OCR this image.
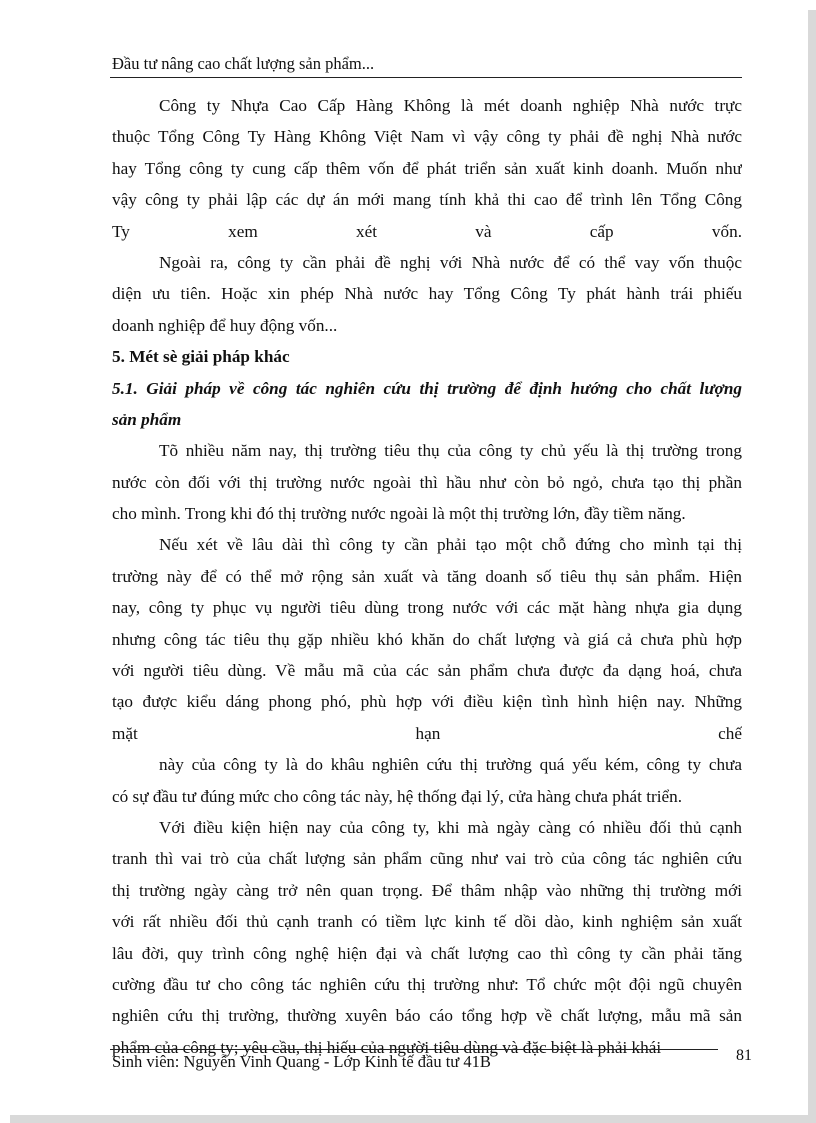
Đầu tư nâng cao chất lượng sản phẩm...
Công ty Nhựa Cao Cấp Hàng Không là mét doanh nghiệp Nhà nước trực
thuộc Tổng Công Ty Hàng Không Việt Nam vì vậy công ty phải đề nghị Nhà nước
hay Tổng công ty cung cấp thêm vốn để phát triển sản xuất kinh doanh. Muốn như
vậy công ty phải lập các dự án mới mang tính khả thi cao để trình lên Tổng Công
Ty xem xét và cấp vốn.
Ngoài ra, công ty cần phải đề nghị với Nhà nước để có thể vay vốn thuộc
diện ưu tiên. Hoặc xin phép Nhà nước hay Tổng Công Ty phát hành trái phiếu
doanh nghiệp để huy động vốn...
5. Mét sè giải pháp khác
5.1. Giải pháp về công tác nghiên cứu thị trường để định hướng cho chất lượng
sản phẩm
Tõ nhiều năm nay, thị trường tiêu thụ của công ty chủ yếu là thị trường trong
nước còn đối với thị trường nước ngoài thì hầu như còn bỏ ngỏ, chưa tạo thị phần
cho mình. Trong khi đó thị trường nước ngoài là một thị trường lớn, đầy tiềm năng.
Nếu xét về lâu dài thì công ty cần phải tạo một chỗ đứng cho mình tại thị
trường này để có thể mở rộng sản xuất và tăng doanh số tiêu thụ sản phẩm. Hiện
nay, công ty phục vụ người tiêu dùng trong nước với các mặt hàng nhựa gia dụng
nhưng công tác tiêu thụ gặp nhiều khó khăn do chất lượng và giá cả chưa phù hợp
với người tiêu dùng. Về mẫu mã của các sản phẩm chưa được đa dạng hoá, chưa
tạo được kiểu dáng phong phó, phù hợp với điều kiện tình hình hiện nay. Những
mặt hạn chế
này của công ty là do khâu nghiên cứu thị trường quá yếu kém, công ty chưa
có sự đầu tư đúng mức cho công tác này, hệ thống đại lý, cửa hàng chưa phát triển.
Với điều kiện hiện nay của công ty, khi mà ngày càng có nhiều đối thủ cạnh
tranh thì vai trò của chất lượng sản phẩm cũng như vai trò của công tác nghiên cứu
thị trường ngày càng trở nên quan trọng. Để thâm nhập vào những thị trường mới
với rất nhiều đối thủ cạnh tranh có tiềm lực kinh tế dồi dào, kinh nghiệm sản xuất
lâu đời, quy trình công nghệ hiện đại và chất lượng cao thì công ty cần phải tăng
cường đầu tư cho công tác nghiên cứu thị trường như: Tổ chức một đội ngũ chuyên
nghiên cứu thị trường, thường xuyên báo cáo tổng hợp về chất lượng, mẫu mã sản
phẩm của công ty; yêu cầu, thị hiếu của người tiêu dùng và đặc biệt là phải khái
Sinh viên: Nguyễn Vinh Quang - Lớp Kinh tế đầu tư 41B	81
